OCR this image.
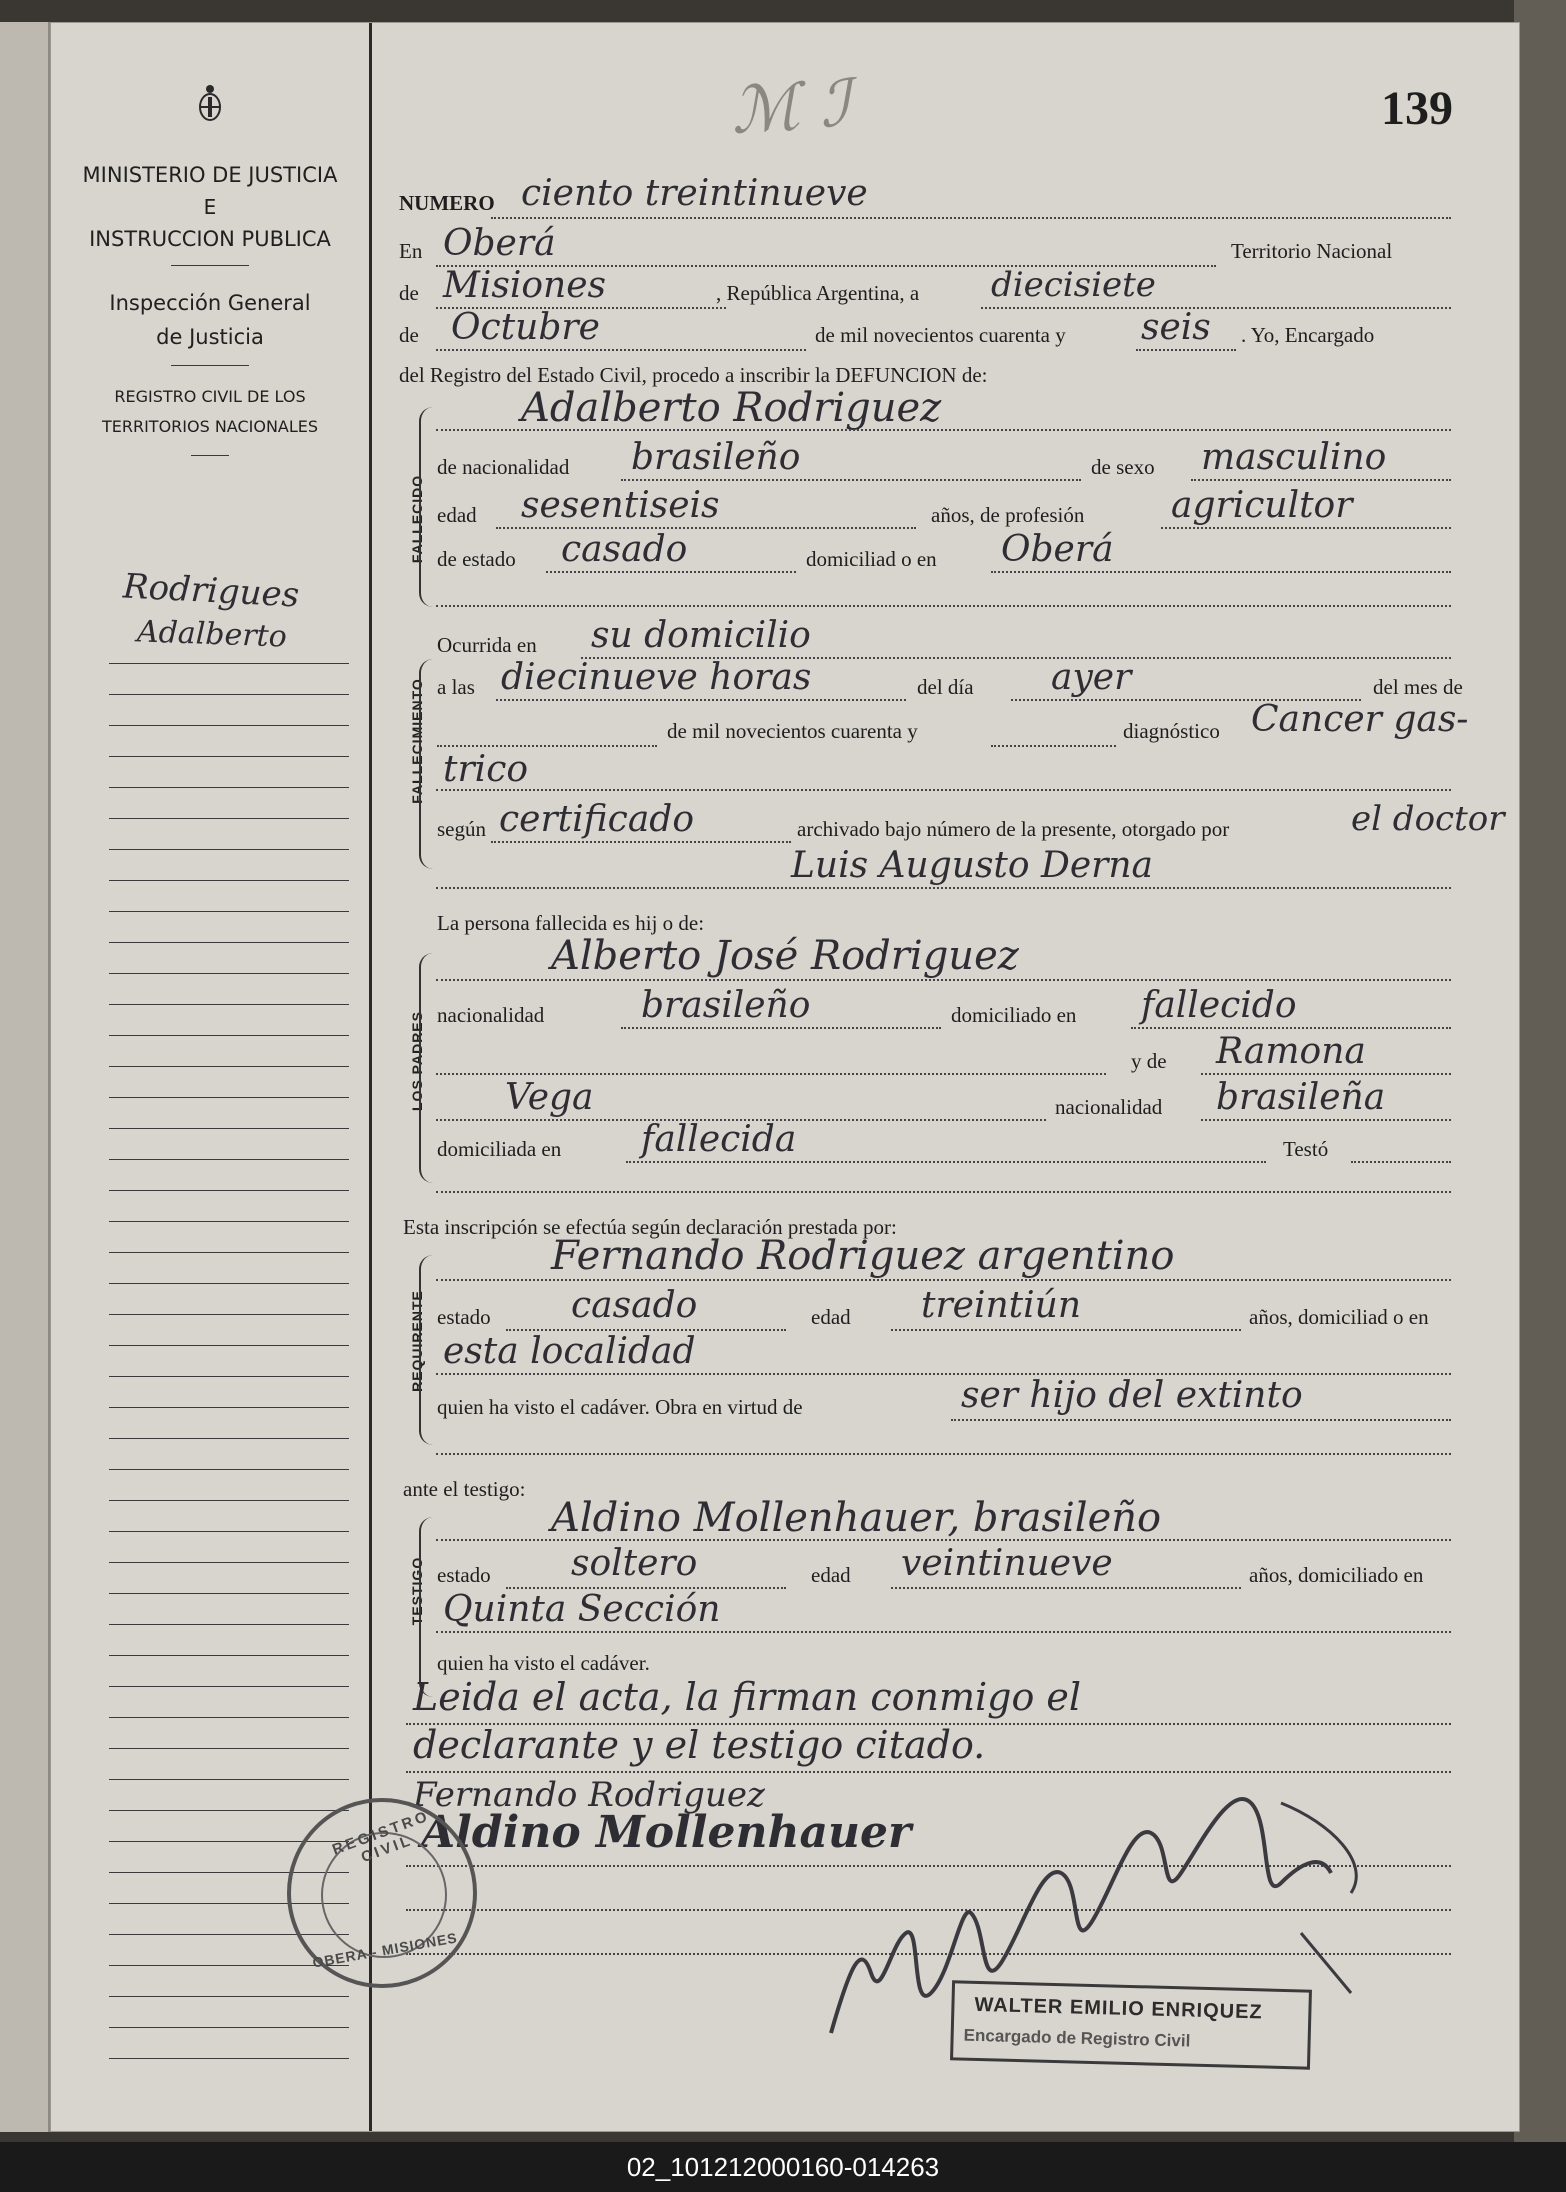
MINISTERIO DE JUSTICIA
E
INSTRUCCION PUBLICA
Inspección General
de Justicia
REGISTRO CIVIL DE LOS
TERRITORIOS NACIONALES
Rodrigues
Adalberto
139
ℳ ℐ
NUMERO ciento treintinueve
En Oberá	Territorio Nacional
de Misiones	, República Argentina, a diecisiete
de Octubre	de mil novecientos cuarenta y seis . Yo, Encargado
del Registro del Estado Civil, procedo a inscribir la DEFUNCION de:
FALLECIDO
Adalberto Rodriguez
de nacionalidad brasileño	de sexo masculino
edad sesentiseis	años, de profesión agricultor
de estado casado	domiciliad o en Oberá
FALLECIMIENTO
Ocurrida en su domicilio
a las diecinueve horas	del día ayer	del mes de
de mil novecientos cuarenta y	diagnóstico Cancer gas-
trico
según certificado	archivado bajo número de la presente, otorgado por	el doctor
Luis Augusto Derna
La persona fallecida es hij o de:
LOS PADRES
Alberto José Rodriguez
nacionalidad	brasileño	domiciliado en fallecido
y de Ramona
Vega	nacionalidad brasileña
domiciliada en fallecida	Testó
Esta inscripción se efectúa según declaración prestada por:
REQUIRENTE
Fernando Rodriguez argentino
estado casado	edad treintiún	años, domiciliad o en
esta localidad
quien ha visto el cadáver. Obra en virtud de	ser hijo del extinto
ante el testigo:
TESTIGO
Aldino Mollenhauer, brasileño
estado soltero	edad veintinueve	años, domiciliado en
Quinta Sección
quien ha visto el cadáver.
Leida el acta, la firman conmigo el
declarante y el testigo citado.
Fernando Rodriguez
Aldino Mollenhauer
REGISTRO CIVIL
OBERA - MISIONES
WALTER EMILIO ENRIQUEZ
Encargado de Registro Civil
02_101212000160-014263
